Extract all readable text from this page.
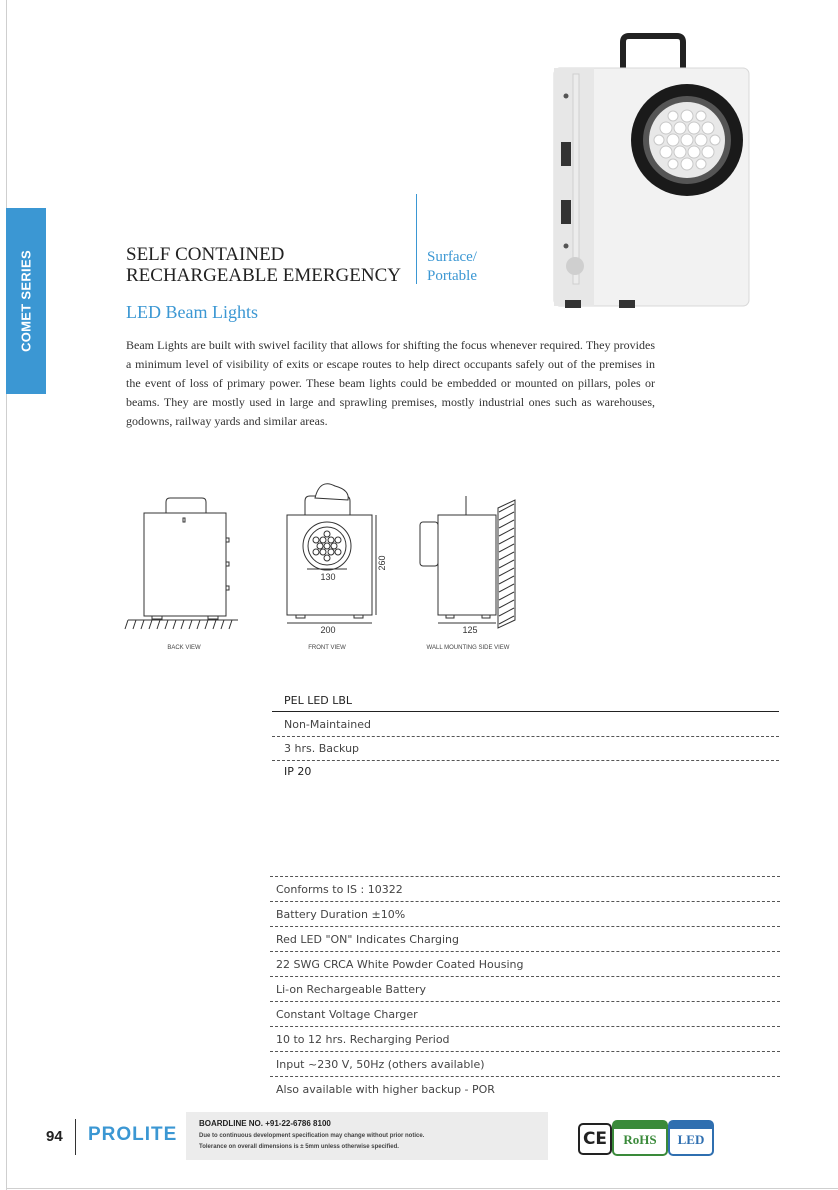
COMET SERIES	SELF CONTAINED
RECHARGEABLE EMERGENCY
Surface/
Portable
LED Beam Lights
Beam Lights are built with swivel facility that allows for shifting the focus whenever required. They provides a minimum level of visibility of exits or escape routes to help direct occupants safely out of the premises in the event of loss of primary power. These beam lights could be embedded or mounted on pillars, poles or beams. They are mostly used in large and sprawling premises, mostly industrial ones such as warehouses, godowns, railway yards and similar areas.
130
260
200	125
BACK VIEW	FRONT VIEW	WALL MOUNTING SIDE VIEW
PEL LED LBL
Non-Maintained
3 hrs. Backup
IP 20
Conforms to IS : 10322
Battery Duration ±10%
Red LED "ON" Indicates Charging
22 SWG CRCA White Powder Coated Housing
Li-on Rechargeable Battery
Constant Voltage Charger
10 to 12 hrs. Recharging Period
Input ~230 V, 50Hz (others available)
Also available with higher backup - POR
94 PROLITE
BOARDLINE NO. +91-22-6786 8100
Due to continuous development specification may change without prior notice.
Tolerance on overall dimensions is ± 5mm unless otherwise specified.	CE	RoHS	LED
